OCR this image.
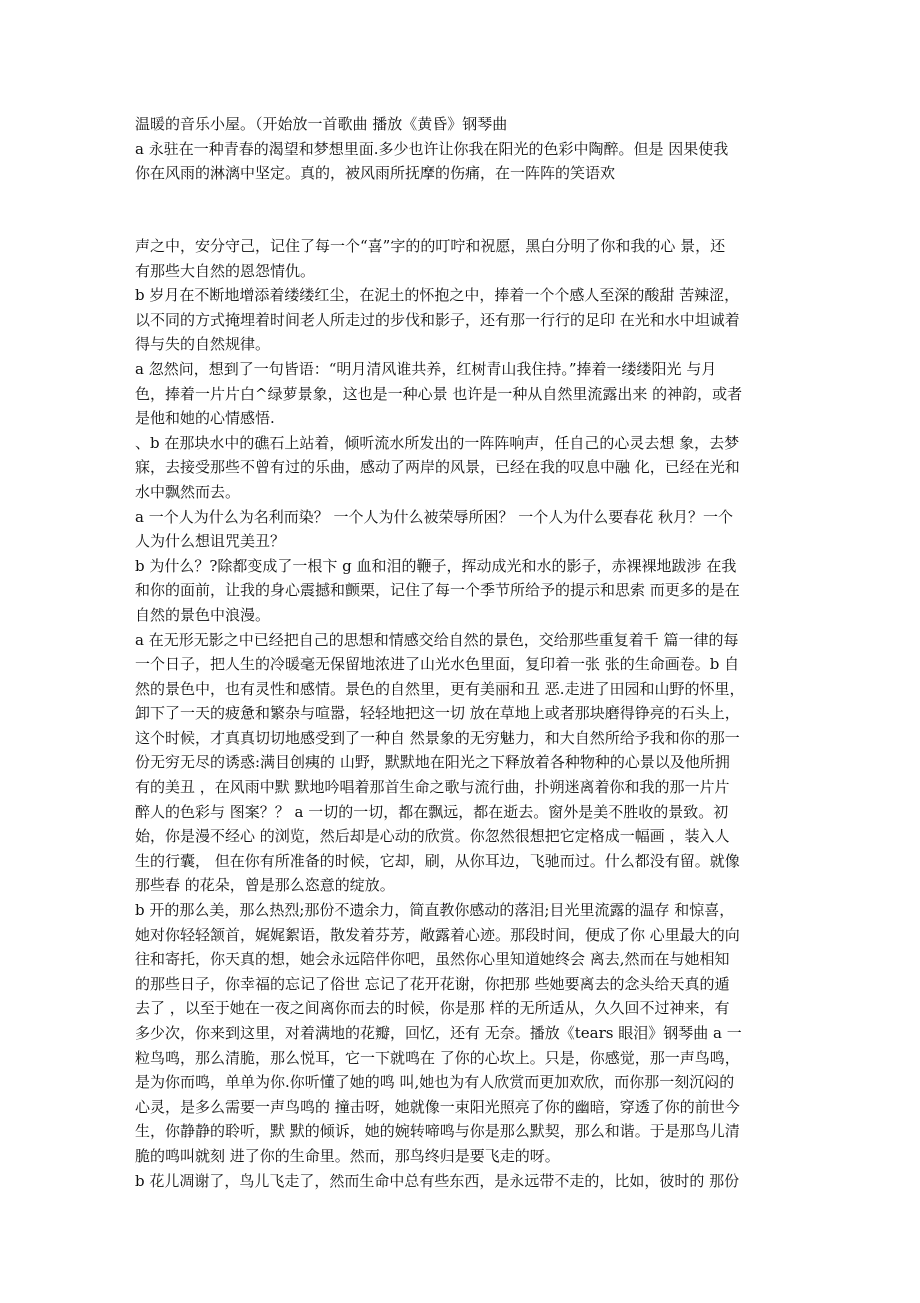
温暖的音乐小屋。（开始放一首歌曲 播放《黄昏》钢琴曲
a 永驻在一种青春的渴望和梦想里面.多少也许让你我在阳光的色彩中陶醉。但是 因果使我
你在风雨的淋漓中坚定。真的，被风雨所抚摩的伤痛，在一阵阵的笑语欢
声之中，安分守己，记住了每一个“喜”字的的叮咛和祝愿，黑白分明了你和我的心 景，还
有那些大自然的恩怨情仇。
b 岁月在不断地增添着缕缕红尘，在泥土的怀抱之中，捧着一个个感人至深的酸甜 苦辣涩，
以不同的方式掩埋着时间老人所走过的步伐和影子，还有那一行行的足印 在光和水中坦诚着
得与失的自然规律。
a 忽然问，想到了一句皆语：“明月清风谁共养，红树青山我住持。”捧着一缕缕阳光 与月
色，捧着一片片白^绿萝景象，这也是一种心景 也许是一种从自然里流露出来 的神韵，或者
是他和她的心情感悟.
、b 在那块水中的礁石上站着，倾听流水所发出的一阵阵响声，任自己的心灵去想 象，去梦
寐，去接受那些不曾有过的乐曲，感动了两岸的风景，已经在我的叹息中融 化，已经在光和
水中飘然而去。
a 一个人为什么为名利而染？ 一个人为什么被荣辱所困？ 一个人为什么要春花 秋月？一个
人为什么想诅咒美丑？
b 为什么？?除都变成了一根卞 g 血和泪的鞭子，挥动成光和水的影子，赤裸裸地跋涉 在我
和你的面前，让我的身心震撼和颤栗，记住了每一个季节所给予的提示和思索 而更多的是在
自然的景色中浪漫。
a 在无形无影之中已经把自己的思想和情感交给自然的景色，交给那些重复着千 篇一律的每
一个日子，把人生的冷暖毫无保留地浓进了山光水色里面，复印着一张 张的生命画卷。b 自
然的景色中，也有灵性和感情。景色的自然里，更有美丽和丑 恶.走进了田园和山野的怀里，
卸下了一天的疲惫和繁杂与喧嚣，轻轻地把这一切 放在草地上或者那块磨得铮亮的石头上，
这个时候，才真真切切地感受到了一种自 然景象的无穷魅力，和大自然所给予我和你的那一
份无穷无尽的诱惑:满目创痍的 山野，默默地在阳光之下释放着各种物种的心景以及他所拥
有的美丑 ，在风雨中默 默地吟唱着那首生命之歌与流行曲，扑朔迷离着你和我的那一片片
醉人的色彩与 图案？？ a 一切的一切，都在飘远，都在逝去。窗外是美不胜收的景致。初
始，你是漫不经心 的浏览，然后却是心动的欣赏。你忽然很想把它定格成一幅画 ，装入人
生的行囊， 但在你有所准备的时候，它却，刷，从你耳边，飞驰而过。什么都没有留。就像
那些春 的花朵，曾是那么恣意的绽放。
b 开的那么美，那么热烈;那份不遗余力，简直教你感动的落泪;目光里流露的温存 和惊喜，
她对你轻轻颔首，娓娓絮语，散发着芬芳，敞露着心迹。那段时间，便成了你 心里最大的向
往和寄托，你天真的想，她会永远陪伴你吧，虽然你心里知道她终会 离去,然而在与她相知
的那些日子，你幸福的忘记了俗世 忘记了花开花谢，你把那 些她要离去的念头给天真的遁
去了 ，以至于她在一夜之间离你而去的时候，你是那 样的无所适从，久久回不过神来，有
多少次，你来到这里，对着满地的花瓣，回忆，还有 无奈。播放《tears 眼泪》钢琴曲 a 一
粒鸟鸣，那么清脆，那么悦耳，它一下就鸣在 了你的心坎上。只是，你感觉，那一声鸟鸣，
是为你而鸣，单单为你.你听懂了她的鸣 叫,她也为有人欣赏而更加欢欣，而你那一刻沉闷的
心灵，是多么需要一声鸟鸣的 撞击呀，她就像一束阳光照亮了你的幽暗，穿透了你的前世今
生，你静静的聆听，默 默的倾诉，她的婉转啼鸣与你是那么默契，那么和谐。于是那鸟儿清
脆的鸣叫就刻 进了你的生命里。然而，那鸟终归是要飞走的呀。
b 花儿凋谢了，鸟儿飞走了，然而生命中总有些东西，是永远带不走的，比如，彼时的 那份
